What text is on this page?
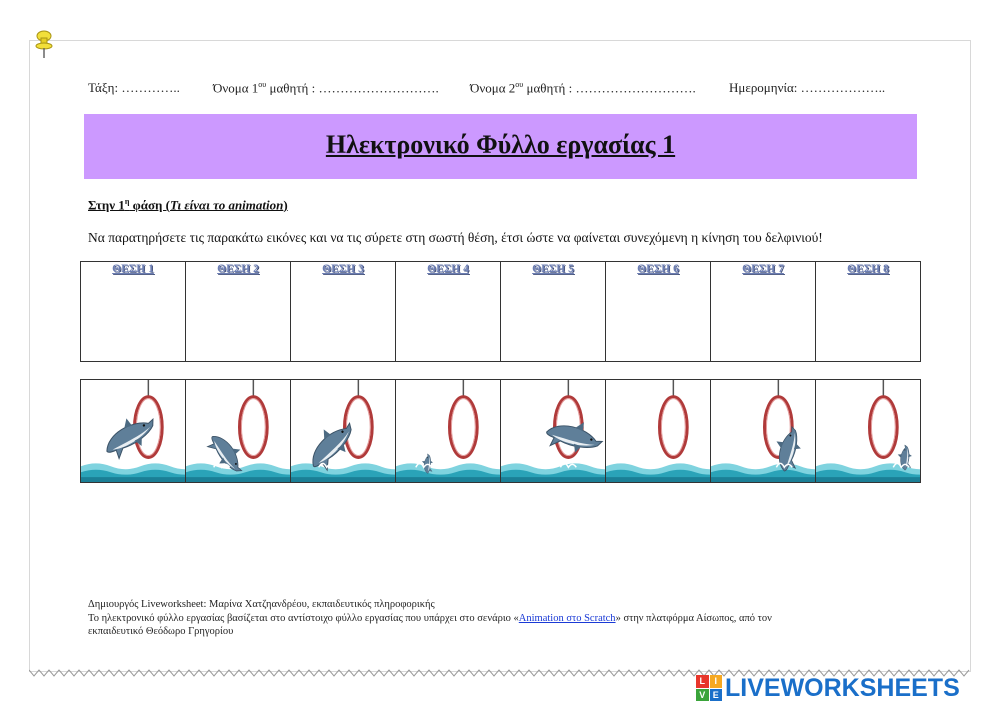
Τάξη: …………..	Όνομα $1^{o\upsilon}$ μαθητή : ………………………. Όνομα $2^{o\upsilon}$ μαθητή : ……………………….	Ημερομηνία: ………………..
Ηλεκτρονικό Φύλλο εργασίας 1
Στην $1^\eta$ φάση (Τι είναι το animation)
Να παρατηρήσετε τις παρακάτω εικόνες και να τις σύρετε στη σωστή θέση, έτσι ώστε να φαίνεται συνεχόμενη η κίνηση του δελφινιού!
ΘΕΣΗ 1	ΘΕΣΗ 2	ΘΕΣΗ 3	ΘΕΣΗ 4	ΘΕΣΗ 5	ΘΕΣΗ 6	ΘΕΣΗ 7	ΘΕΣΗ 8
Δημιουργός Liveworksheet: Μαρίνα Χατζηανδρέου, εκπαιδευτικός πληροφορικής
Το ηλεκτρονικό φύλλο εργασίας βασίζεται στο αντίστοιχο φύλλο εργασίας που υπάρχει στο σενάριο «Animation στο Scratch» στην πλατφόρμα Αίσωπος, από τον
εκπαιδευτικό Θεόδωρο Γρηγορίου
L	I
V E LIVEWORKSHEETS
